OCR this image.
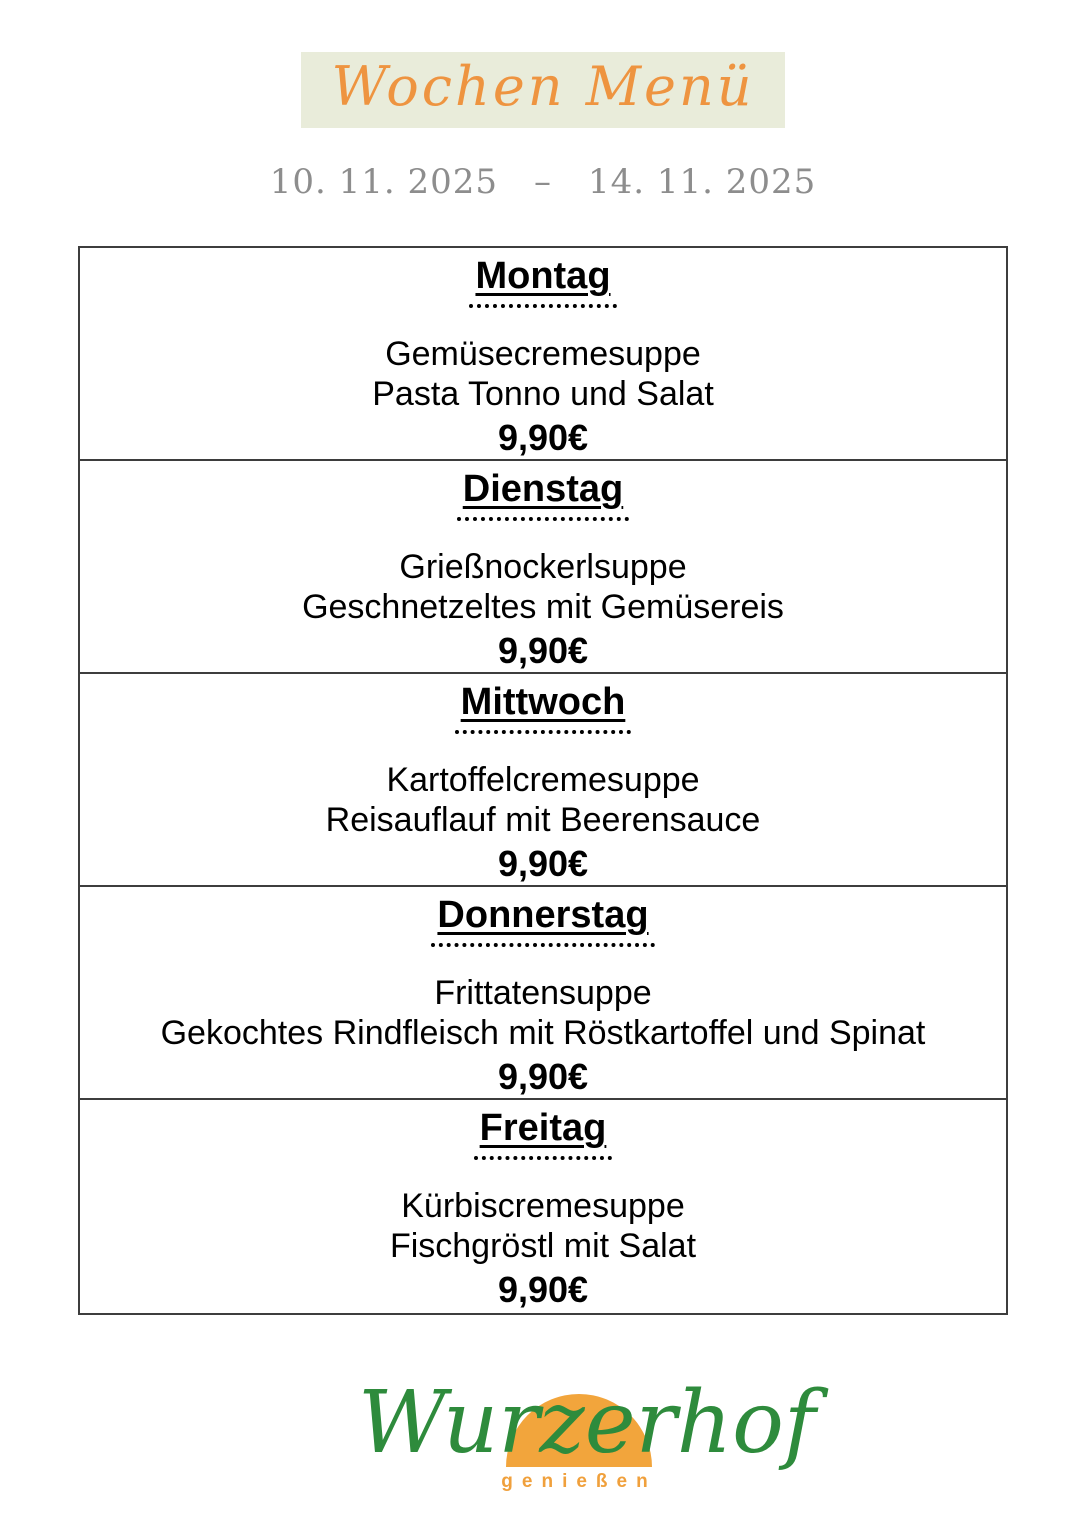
Wochen Menü
10. 11. 2025 – 14. 11. 2025
Montag
Gemüsecremesuppe
Pasta Tonno und Salat
9,90€
Dienstag
Grießnockerlsuppe
Geschnetzeltes mit Gemüsereis
9,90€
Mittwoch
Kartoffelcremesuppe
Reisauflauf mit Beerensauce
9,90€
Donnerstag
Frittatensuppe
Gekochtes Rindfleisch mit Röstkartoffel und Spinat
9,90€
Freitag
Kürbiscremesuppe
Fischgröstl mit Salat
9,90€
Wurzerhof
genießen
